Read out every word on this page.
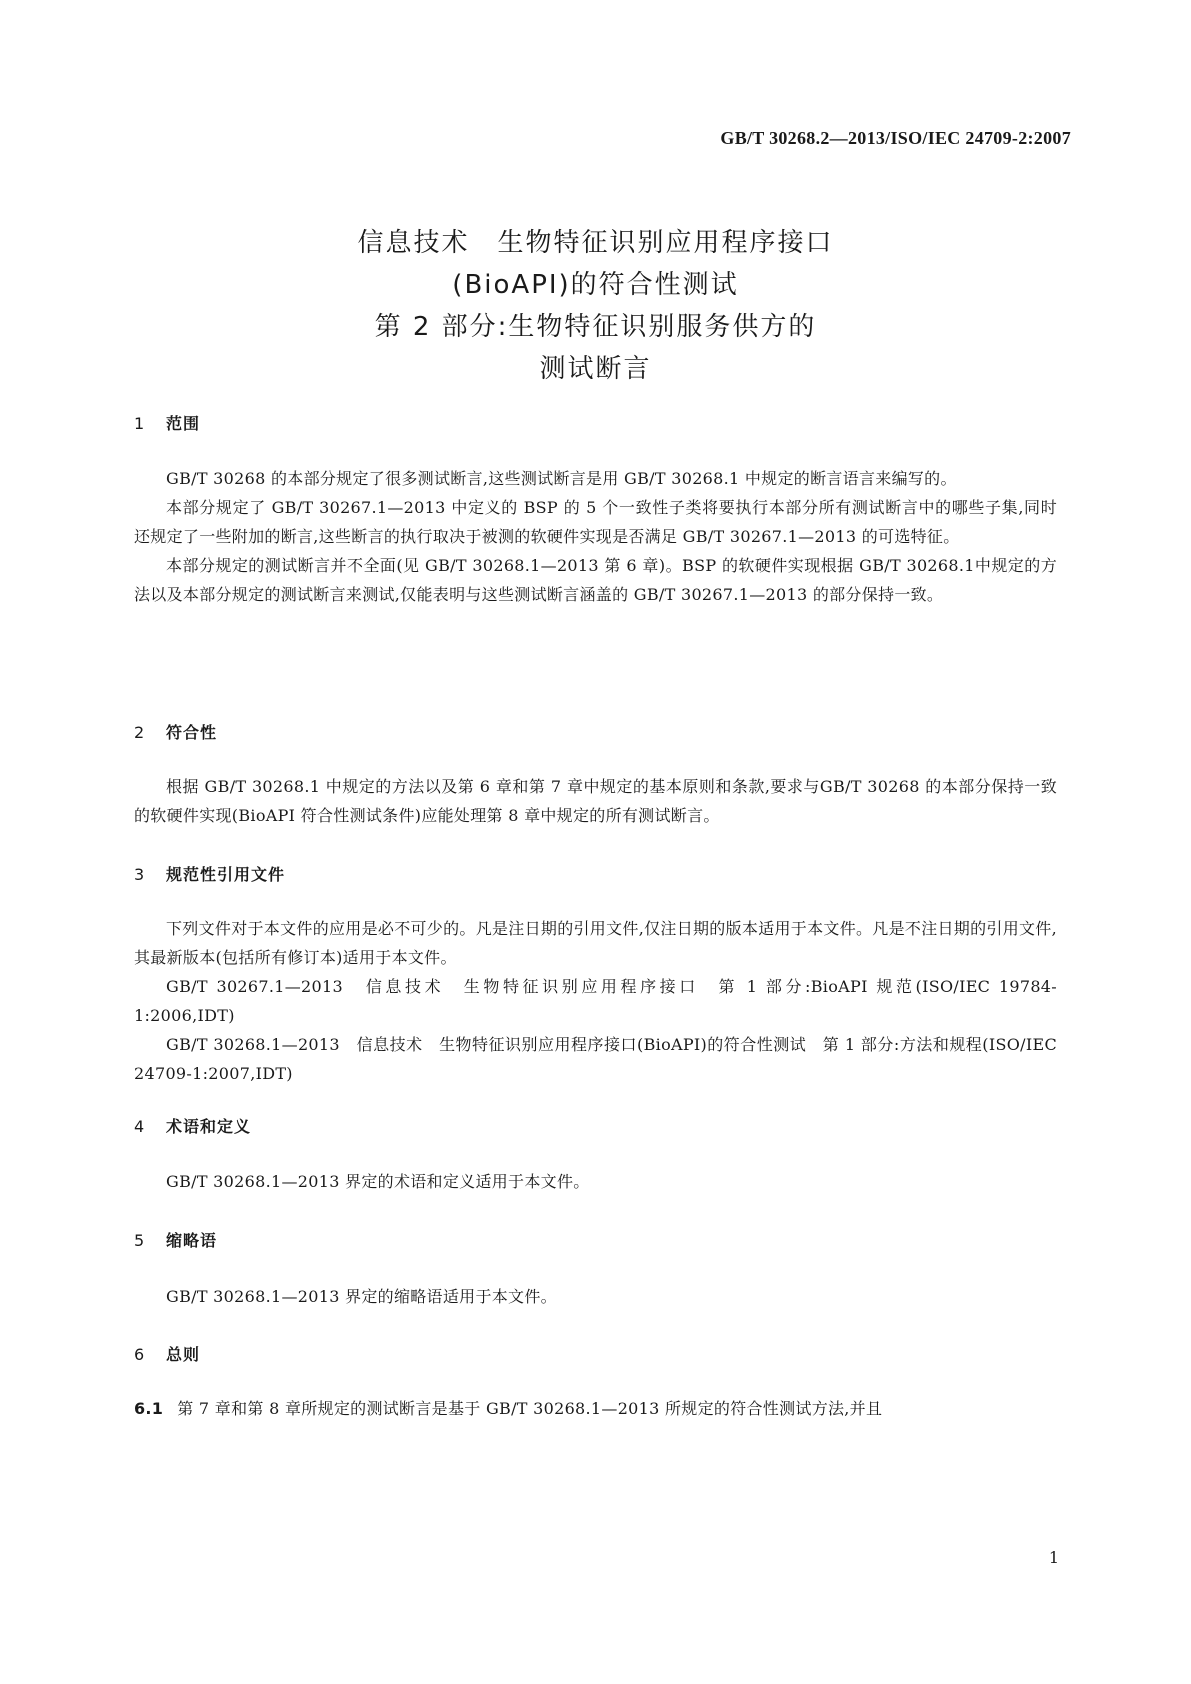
GB/T 30268.2—2013/ISO/IEC 24709-2:2007
信息技术　生物特征识别应用程序接口
(BioAPI)的符合性测试
第 2 部分:生物特征识别服务供方的
测试断言
1 范围

GB/T 30268 的本部分规定了很多测试断言,这些测试断言是用 GB/T 30268.1 中规定的断言语言来编写的。

本部分规定了 GB/T 30267.1—2013 中定义的 BSP 的 5 个一致性子类将要执行本部分所有测试断言中的哪些子集,同时还规定了一些附加的断言,这些断言的执行取决于被测的软硬件实现是否满足 GB/T 30267.1—2013 的可选特征。

本部分规定的测试断言并不全面(见 GB/T 30268.1—2013 第 6 章)。BSP 的软硬件实现根据 GB/T 30268.1中规定的方法以及本部分规定的测试断言来测试,仅能表明与这些测试断言涵盖的 GB/T 30267.1—2013 的部分保持一致。

2 符合性

根据 GB/T 30268.1 中规定的方法以及第 6 章和第 7 章中规定的基本原则和条款,要求与GB/T 30268 的本部分保持一致的软硬件实现(BioAPI 符合性测试条件)应能处理第 8 章中规定的所有测试断言。

3 规范性引用文件

下列文件对于本文件的应用是必不可少的。凡是注日期的引用文件,仅注日期的版本适用于本文件。凡是不注日期的引用文件,其最新版本(包括所有修订本)适用于本文件。

GB/T 30267.1—2013　信息技术　生物特征识别应用程序接口　第 1 部分:BioAPI 规范(ISO/IEC 19784-1:2006,IDT)

GB/T 30268.1—2013　信息技术　生物特征识别应用程序接口(BioAPI)的符合性测试　第 1 部分:方法和规程(ISO/IEC 24709-1:2007,IDT)

4 术语和定义

GB/T 30268.1—2013 界定的术语和定义适用于本文件。

5 缩略语

GB/T 30268.1—2013 界定的缩略语适用于本文件。

6 总则
6.1 第 7 章和第 8 章所规定的测试断言是基于 GB/T 30268.1—2013 所规定的符合性测试方法,并且
1
